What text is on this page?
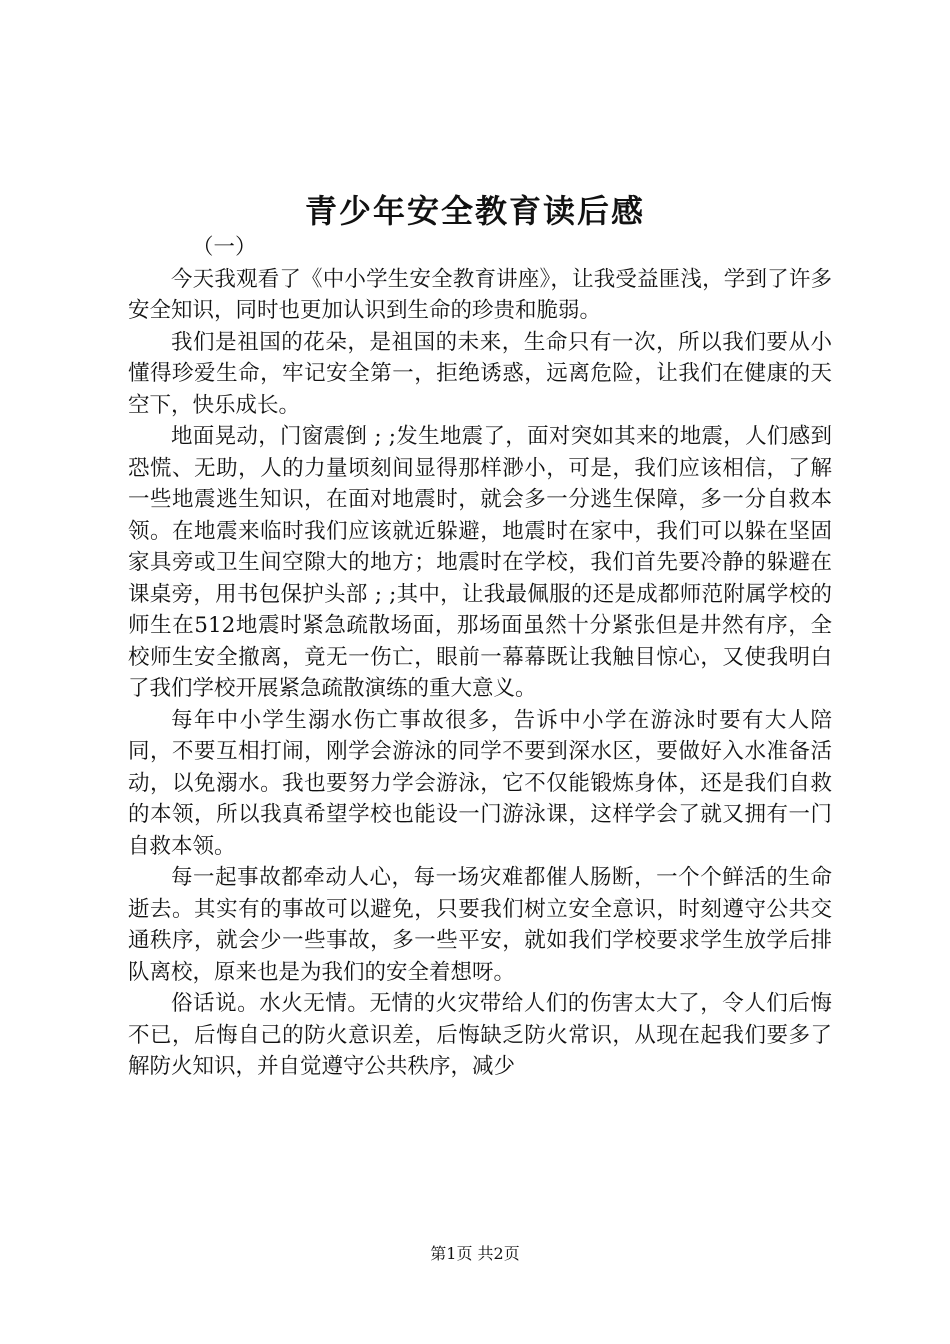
青少年安全教育读后感

（一）

今天我观看了《中小学生安全教育讲座》，让我受益匪浅，学到了许多安全知识，同时也更加认识到生命的珍贵和脆弱。

我们是祖国的花朵，是祖国的未来，生命只有一次，所以我们要从小懂得珍爱生命，牢记安全第一，拒绝诱惑，远离危险，让我们在健康的天空下，快乐成长。

地面晃动，门窗震倒 ; ;发生地震了，面对突如其来的地震，人们感到恐慌、无助，人的力量顷刻间显得那样渺小，可是，我们应该相信，了解一些地震逃生知识，在面对地震时，就会多一分逃生保障，多一分自救本领。在地震来临时我们应该就近躲避，地震时在家中，我们可以躲在坚固家具旁或卫生间空隙大的地方；地震时在学校，我们首先要冷静的躲避在课桌旁，用书包保护头部 ; ;其中，让我最佩服的还是成都师范附属学校的师生在512地震时紧急疏散场面，那场面虽然十分紧张但是井然有序，全校师生安全撤离，竟无一伤亡，眼前一幕幕既让我触目惊心，又使我明白了我们学校开展紧急疏散演练的重大意义。

每年中小学生溺水伤亡事故很多，告诉中小学在游泳时要有大人陪同，不要互相打闹，刚学会游泳的同学不要到深水区，要做好入水准备活动，以免溺水。我也要努力学会游泳，它不仅能锻炼身体，还是我们自救的本领，所以我真希望学校也能设一门游泳课，这样学会了就又拥有一门自救本领。

每一起事故都牵动人心，每一场灾难都催人肠断，一个个鲜活的生命逝去。其实有的事故可以避免，只要我们树立安全意识，时刻遵守公共交通秩序，就会少一些事故，多一些平安，就如我们学校要求学生放学后排队离校，原来也是为我们的安全着想呀。

俗话说。水火无情。无情的火灾带给人们的伤害太大了，令人们后悔不已，后悔自己的防火意识差，后悔缺乏防火常识，从现在起我们要多了解防火知识，并自觉遵守公共秩序，减少

第1页 共2页
